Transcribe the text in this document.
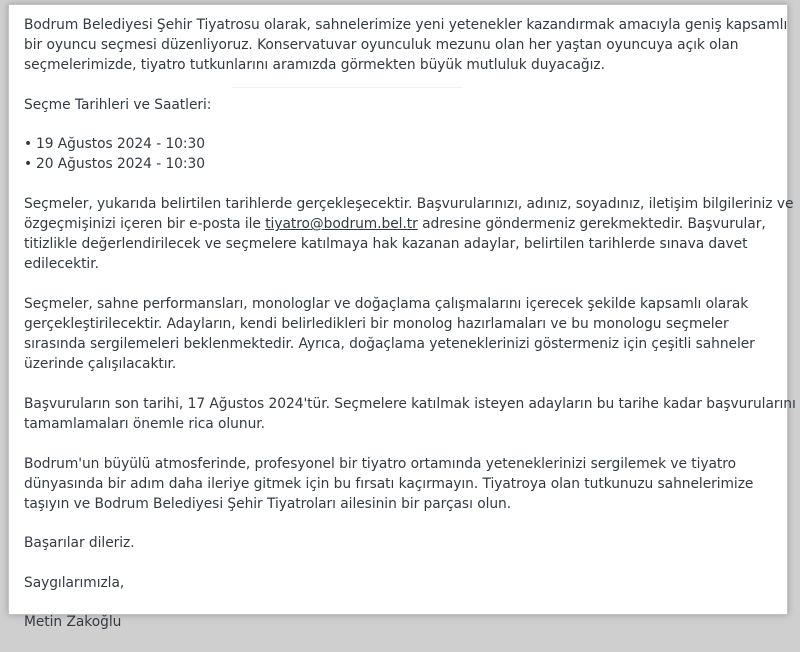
Bodrum Belediyesi Şehir Tiyatrosu olarak, sahnelerimize yeni yetenekler kazandırmak amacıyla geniş kapsamlı
bir oyuncu seçmesi düzenliyoruz. Konservatuvar oyunculuk mezunu olan her yaştan oyuncuya açık olan
seçmelerimizde, tiyatro tutkunlarını aramızda görmekten büyük mutluluk duyacağız.

Seçme Tarihleri ve Saatleri:

• 19 Ağustos 2024 - 10:30
• 20 Ağustos 2024 - 10:30

Seçmeler, yukarıda belirtilen tarihlerde gerçekleşecektir. Başvurularınızı, adınız, soyadınız, iletişim bilgileriniz ve
özgeçmişinizi içeren bir e-posta ile tiyatro@bodrum.bel.tr adresine göndermeniz gerekmektedir. Başvurular,
titizlikle değerlendirilecek ve seçmelere katılmaya hak kazanan adaylar, belirtilen tarihlerde sınava davet
edilecektir.

Seçmeler, sahne performansları, monologlar ve doğaçlama çalışmalarını içerecek şekilde kapsamlı olarak
gerçekleştirilecektir. Adayların, kendi belirledikleri bir monolog hazırlamaları ve bu monologu seçmeler
sırasında sergilemeleri beklenmektedir. Ayrıca, doğaçlama yeteneklerinizi göstermeniz için çeşitli sahneler
üzerinde çalışılacaktır.

Başvuruların son tarihi, 17 Ağustos 2024'tür. Seçmelere katılmak isteyen adayların bu tarihe kadar başvurularını
tamamlamaları önemle rica olunur.

Bodrum'un büyülü atmosferinde, profesyonel bir tiyatro ortamında yeteneklerinizi sergilemek ve tiyatro
dünyasında bir adım daha ileriye gitmek için bu fırsatı kaçırmayın. Tiyatroya olan tutkunuzu sahnelerimize
taşıyın ve Bodrum Belediyesi Şehir Tiyatroları ailesinin bir parçası olun.

Başarılar dileriz.

Saygılarımızla,

Metin Zakoğlu
